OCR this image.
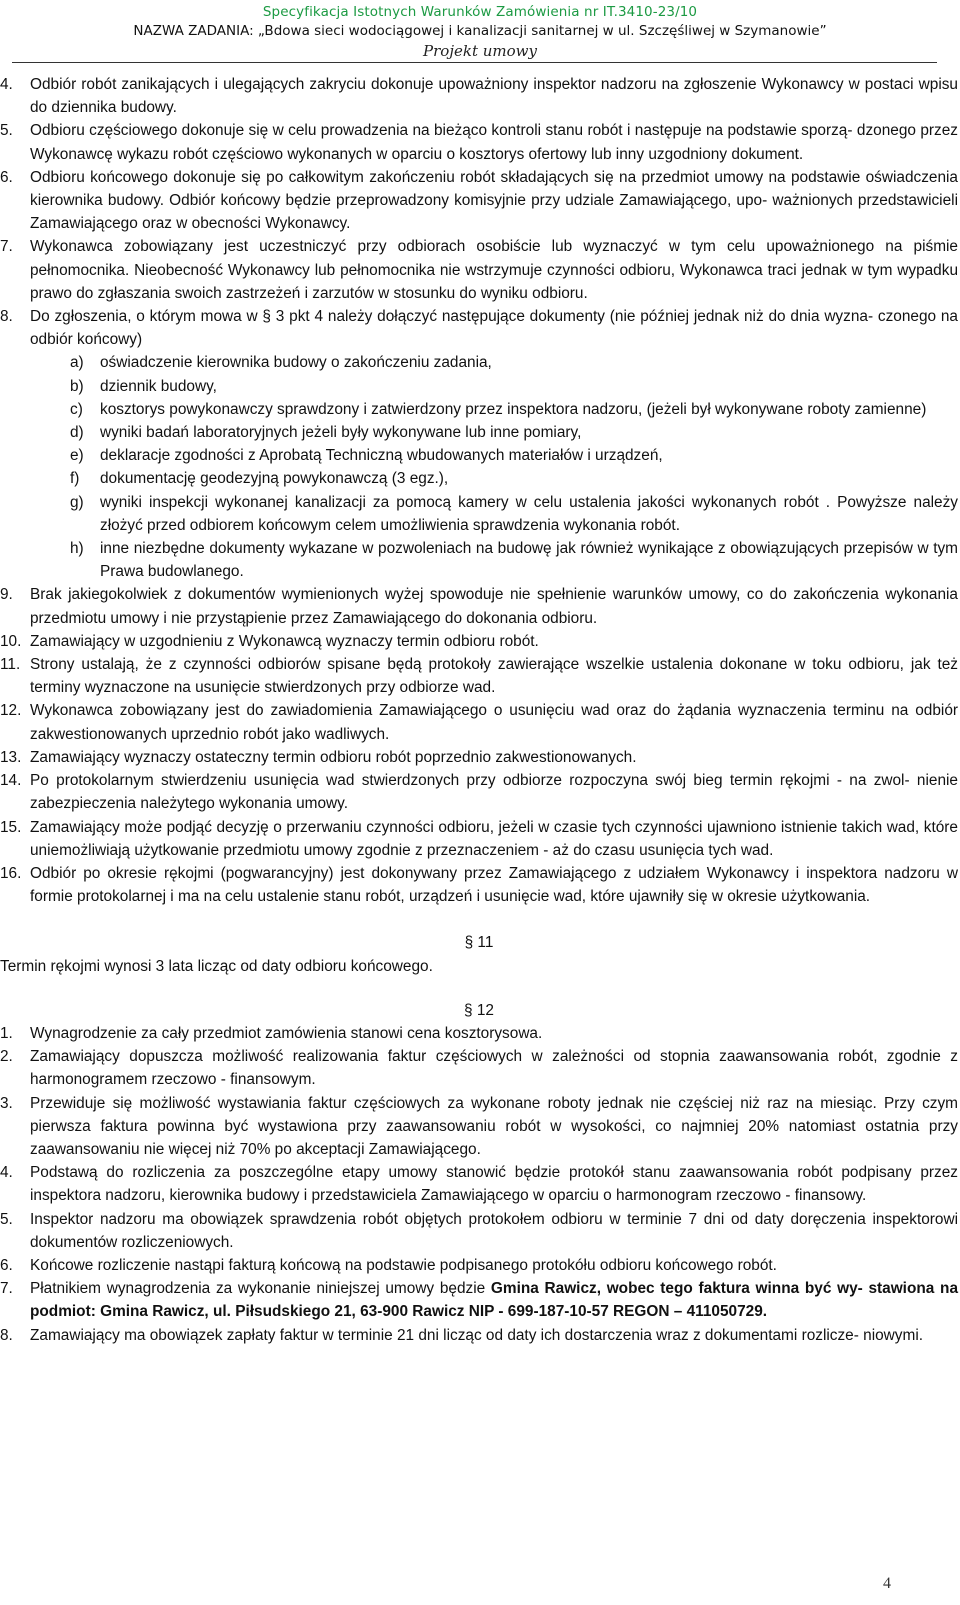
Specyfikacja Istotnych Warunków Zamówienia nr IT.3410-23/10
NAZWA ZADANIA: „Bdowa sieci wodociągowej i kanalizacji sanitarnej w ul. Szczęśliwej w Szymanowie”
Projekt umowy
4. Odbiór robót zanikających i ulegających zakryciu dokonuje upoważniony inspektor nadzoru na zgłoszenie Wykonawcy w postaci wpisu do dziennika budowy.
5. Odbioru częściowego dokonuje się w celu prowadzenia na bieżąco kontroli stanu robót i następuje na podstawie sporzą- dzonego przez Wykonawcę wykazu robót częściowo wykonanych w oparciu o kosztorys ofertowy lub inny uzgodniony dokument.
6. Odbioru końcowego dokonuje się po całkowitym zakończeniu robót składających się na przedmiot umowy na podstawie oświadczenia kierownika budowy. Odbiór końcowy będzie przeprowadzony komisyjnie przy udziale Zamawiającego, upo- ważnionych przedstawicieli Zamawiającego oraz w obecności Wykonawcy.
7. Wykonawca zobowiązany jest uczestniczyć przy odbiorach osobiście lub wyznaczyć w tym celu upoważnionego na piśmie pełnomocnika. Nieobecność Wykonawcy lub pełnomocnika nie wstrzymuje czynności odbioru, Wykonawca traci jednak w tym wypadku prawo do zgłaszania swoich zastrzeżeń i zarzutów w stosunku do wyniku odbioru.
8. Do zgłoszenia, o którym mowa w § 3 pkt 4 należy dołączyć następujące dokumenty (nie później jednak niż do dnia wyzna- czonego na odbiór końcowy)
a) oświadczenie kierownika budowy o zakończeniu zadania,
b) dziennik budowy,
c) kosztorys powykonawczy sprawdzony i zatwierdzony przez inspektora nadzoru, (jeżeli był wykonywane roboty zamienne)
d) wyniki badań laboratoryjnych jeżeli były wykonywane lub inne pomiary,
e) deklaracje zgodności z Aprobatą Techniczną wbudowanych materiałów i urządzeń,
f) dokumentację geodezyjną powykonawczą (3 egz.),
g) wyniki inspekcji wykonanej kanalizacji za pomocą kamery w celu ustalenia jakości wykonanych robót . Powyższe należy złożyć przed odbiorem końcowym celem umożliwienia sprawdzenia wykonania robót.
h) inne niezbędne dokumenty wykazane w pozwoleniach na budowę jak również wynikające z obowiązujących przepisów w tym Prawa budowlanego.
9. Brak jakiegokolwiek z dokumentów wymienionych wyżej spowoduje nie spełnienie warunków umowy, co do zakończenia wykonania przedmiotu umowy i nie przystąpienie przez Zamawiającego do dokonania odbioru.
10. Zamawiający w uzgodnieniu z Wykonawcą wyznaczy termin odbioru robót.
11. Strony ustalają, że z czynności odbiorów spisane będą protokoły zawierające wszelkie ustalenia dokonane w toku odbioru, jak też terminy wyznaczone na usunięcie stwierdzonych przy odbiorze wad.
12. Wykonawca zobowiązany jest do zawiadomienia Zamawiającego o usunięciu wad oraz do żądania wyznaczenia terminu na odbiór zakwestionowanych uprzednio robót jako wadliwych.
13. Zamawiający wyznaczy ostateczny termin odbioru robót poprzednio zakwestionowanych.
14. Po protokolarnym stwierdzeniu usunięcia wad stwierdzonych przy odbiorze rozpoczyna swój bieg termin rękojmi - na zwol- nienie zabezpieczenia należytego wykonania umowy.
15. Zamawiający może podjąć decyzję o przerwaniu czynności odbioru, jeżeli w czasie tych czynności ujawniono istnienie takich wad, które uniemożliwiają użytkowanie przedmiotu umowy zgodnie z przeznaczeniem - aż do czasu usunięcia tych wad.
16. Odbiór po okresie rękojmi (pogwarancyjny) jest dokonywany przez Zamawiającego z udziałem Wykonawcy i inspektora nadzoru w formie protokolarnej i ma na celu ustalenie stanu robót, urządzeń i usunięcie wad, które ujawniły się w okresie użytkowania.
§ 11
Termin rękojmi wynosi 3 lata licząc od daty odbioru końcowego.
§ 12
1. Wynagrodzenie za cały przedmiot zamówienia stanowi cena kosztorysowa.
2. Zamawiający dopuszcza możliwość realizowania faktur częściowych w zależności od stopnia zaawansowania robót, zgodnie z harmonogramem rzeczowo - finansowym.
3. Przewiduje się możliwość wystawiania faktur częściowych za wykonane roboty jednak nie częściej niż raz na miesiąc. Przy czym pierwsza faktura powinna być wystawiona przy zaawansowaniu robót w wysokości, co najmniej 20% natomiast ostatnia przy zaawansowaniu nie więcej niż 70% po akceptacji Zamawiającego.
4. Podstawą do rozliczenia za poszczególne etapy umowy stanowić będzie protokół stanu zaawansowania robót podpisany przez inspektora nadzoru, kierownika budowy i przedstawiciela Zamawiającego w oparciu o harmonogram rzeczowo - finansowy.
5. Inspektor nadzoru ma obowiązek sprawdzenia robót objętych protokołem odbioru w terminie 7 dni od daty doręczenia inspektorowi dokumentów rozliczeniowych.
6. Końcowe rozliczenie nastąpi fakturą końcową na podstawie podpisanego protokółu odbioru końcowego robót.
7. Płatnikiem wynagrodzenia za wykonanie niniejszej umowy będzie Gmina Rawicz, wobec tego faktura winna być wy- stawiona na podmiot: Gmina Rawicz, ul. Piłsudskiego 21, 63-900 Rawicz NIP - 699-187-10-57 REGON – 411050729.
8. Zamawiający ma obowiązek zapłaty faktur w terminie 21 dni licząc od daty ich dostarczenia wraz z dokumentami rozlicze- niowymi.
4
